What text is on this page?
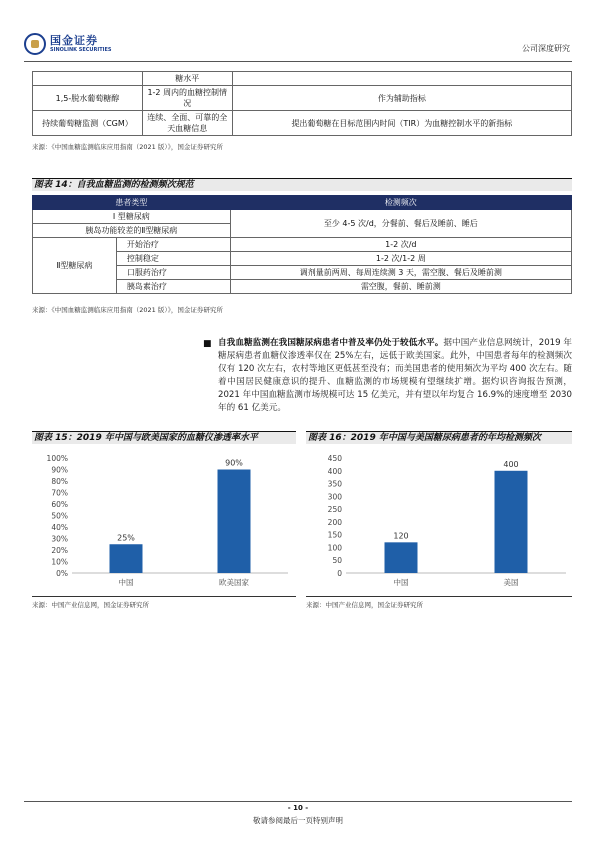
国金证券
SINOLINK SECURITIES	公司深度研究
	糖水平	
1,5-脱水葡萄糖醇	1-2 周内的血糖控制情况	作为辅助指标
持续葡萄糖监测（CGM）	连续、全面、可靠的全天血糖信息	提出葡萄糖在目标范围内时间（TIR）为血糖控制水平的新指标
来源：《中国血糖监测临床应用指南（2021 版）》，国金证券研究所
图表 14：自我血糖监测的检测频次规范
患者类型		检测频次
I 型糖尿病		至少 4-5 次/d，分餐前、餐后及睡前、睡后
胰岛功能较差的Ⅱ型糖尿病		
Ⅱ型糖尿病	开始治疗	1-2 次/d
	控制稳定	1-2 次/1-2 周
	口服药治疗	调剂量前两周、每周连续测 3 天，需空腹、餐后及睡前测
	胰岛素治疗	需空腹，餐前、睡前测
来源：《中国血糖监测临床应用指南（2021 版）》，国金证券研究所
■ 自我血糖监测在我国糖尿病患者中普及率仍处于较低水平。据中国产业信息网统计，2019 年糖尿病患者血糖仪渗透率仅在 25%左右，远低于欧美国家。此外，中国患者每年的检测频次仅有 120 次左右，农村等地区更低甚至没有；而美国患者的使用频次为平均 400 次左右。随着中国居民健康意识的提升、血糖监测的市场规模有望继续扩增。据灼识咨询报告预测，2021 年中国血糖监测市场规模可达 15 亿美元，并有望以年均复合 16.9%的速度增至 2030 年的 61 亿美元。
图表 15：2019 年中国与欧美国家的血糖仪渗透率水平
0%
10%
20%
30%
40%
50%
60%
70%
80%
90%
100%
25%
中国
90%
欧美国家
来源：中国产业信息网，国金证券研究所
图表 16：2019 年中国与美国糖尿病患者的年均检测频次
0
50
100
150
200
250
300
350
400
450
120
中国
400
美国
来源：中国产业信息网，国金证券研究所
- 10 -
敬请参阅最后一页特别声明
